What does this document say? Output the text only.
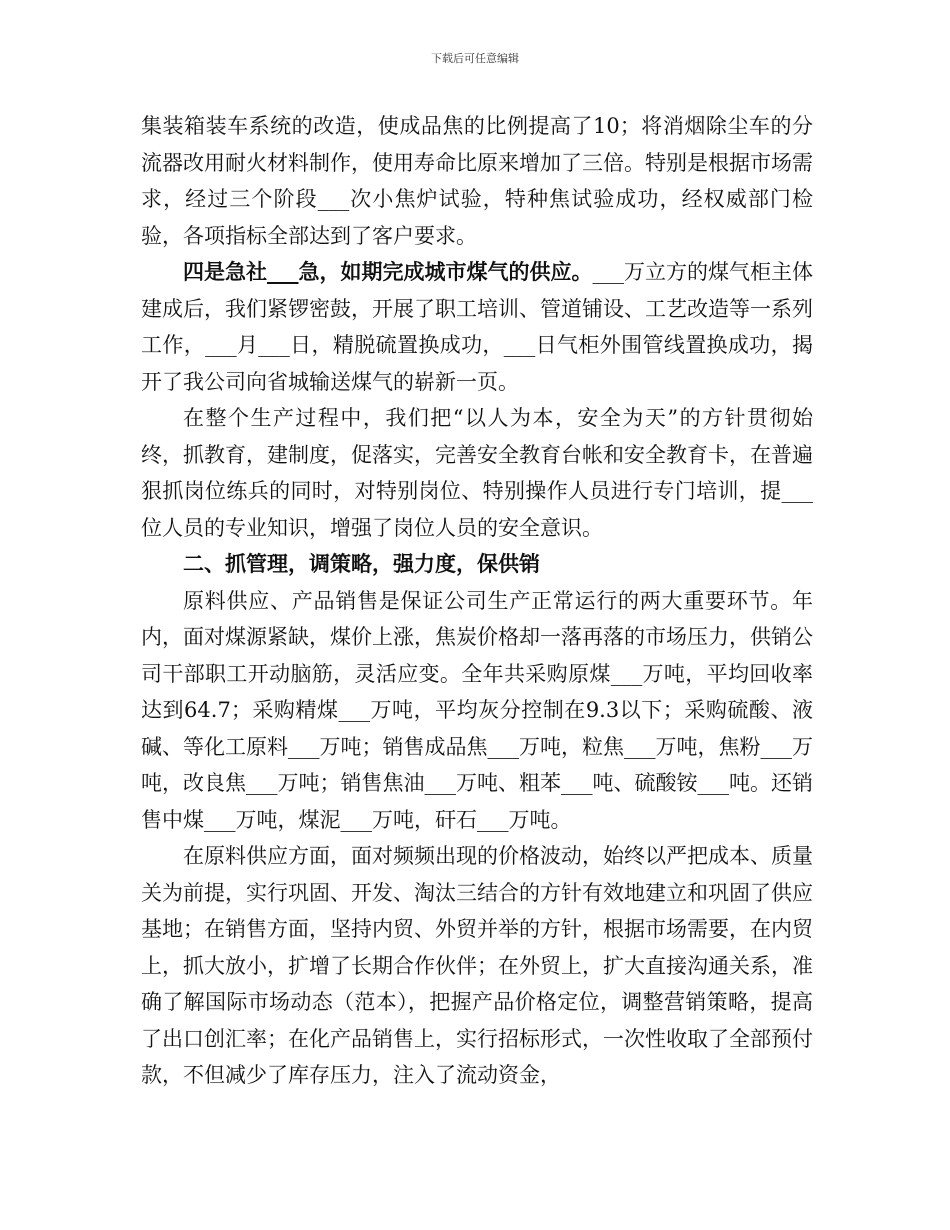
下载后可任意编辑

集装箱装车系统的改造，使成品焦的比例提高了10；将消烟除尘车的分流器改用耐火材料制作，使用寿命比原来增加了三倍。特别是根据市场需求，经过三个阶段___次小焦炉试验，特种焦试验成功，经权威部门检验，各项指标全部达到了客户要求。

四是急社___急，如期完成城市煤气的供应。___万立方的煤气柜主体建成后，我们紧锣密鼓，开展了职工培训、管道铺设、工艺改造等一系列工作，___月___日，精脱硫置换成功，___日气柜外围管线置换成功，揭开了我公司向省城输送煤气的崭新一页。

在整个生产过程中，我们把“以人为本，安全为天”的方针贯彻始终，抓教育，建制度，促落实，完善安全教育台帐和安全教育卡，在普遍狠抓岗位练兵的同时，对特别岗位、特别操作人员进行专门培训，提___位人员的专业知识，增强了岗位人员的安全意识。

二、抓管理，调策略，强力度，保供销

原料供应、产品销售是保证公司生产正常运行的两大重要环节。年内，面对煤源紧缺，煤价上涨，焦炭价格却一落再落的市场压力，供销公司干部职工开动脑筋，灵活应变。全年共采购原煤___万吨，平均回收率达到64.7；采购精煤___万吨，平均灰分控制在9.3以下；采购硫酸、液碱、等化工原料___万吨；销售成品焦___万吨，粒焦___万吨，焦粉___万吨，改良焦___万吨；销售焦油___万吨、粗苯___吨、硫酸铵___吨。还销售中煤___万吨，煤泥___万吨，矸石___万吨。

在原料供应方面，面对频频出现的价格波动，始终以严把成本、质量关为前提，实行巩固、开发、淘汰三结合的方针有效地建立和巩固了供应基地；在销售方面，坚持内贸、外贸并举的方针，根据市场需要，在内贸上，抓大放小，扩增了长期合作伙伴；在外贸上，扩大直接沟通关系，准确了解国际市场动态（范本），把握产品价格定位，调整营销策略，提高了出口创汇率；在化产品销售上，实行招标形式，一次性收取了全部预付款，不但减少了库存压力，注入了流动资金，
